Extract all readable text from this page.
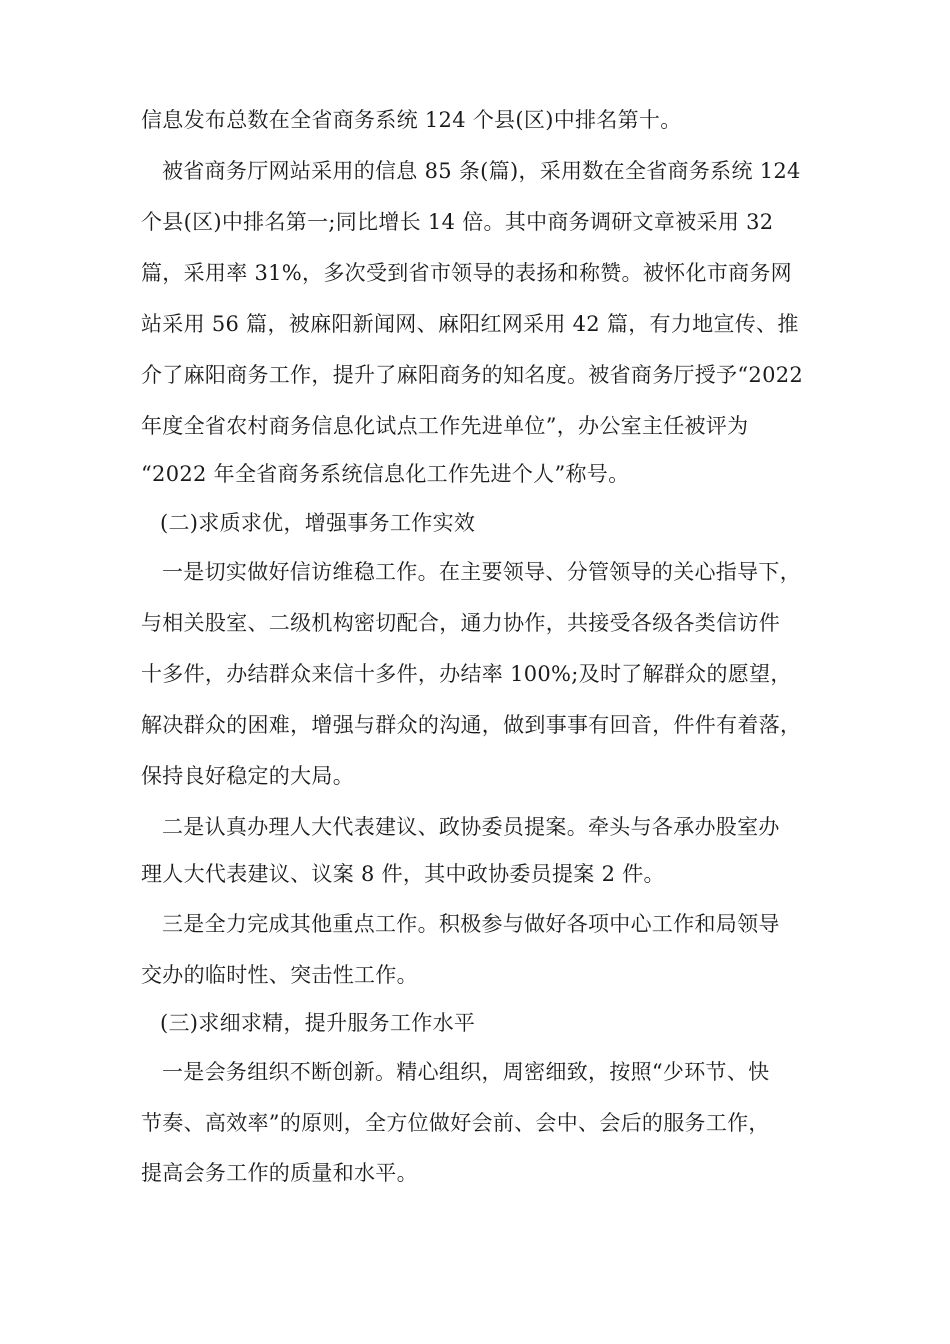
信息发布总数在全省商务系统 124 个县(区)中排名第十。
被省商务厅网站采用的信息 85 条(篇)，采用数在全省商务系统 124
个县(区)中排名第一;同比增长 14 倍。其中商务调研文章被采用 32
篇，采用率 31%，多次受到省市领导的表扬和称赞。被怀化市商务网
站采用 56 篇，被麻阳新闻网、麻阳红网采用 42 篇，有力地宣传、推
介了麻阳商务工作，提升了麻阳商务的知名度。被省商务厅授予“2022
年度全省农村商务信息化试点工作先进单位”，办公室主任被评为
“2022 年全省商务系统信息化工作先进个人”称号。
(二)求质求优，增强事务工作实效
一是切实做好信访维稳工作。在主要领导、分管领导的关心指导下，
与相关股室、二级机构密切配合，通力协作，共接受各级各类信访件
十多件，办结群众来信十多件，办结率 100%;及时了解群众的愿望，
解决群众的困难，增强与群众的沟通，做到事事有回音，件件有着落，
保持良好稳定的大局。
二是认真办理人大代表建议、政协委员提案。牵头与各承办股室办
理人大代表建议、议案 8 件，其中政协委员提案 2 件。
三是全力完成其他重点工作。积极参与做好各项中心工作和局领导
交办的临时性、突击性工作。
(三)求细求精，提升服务工作水平
一是会务组织不断创新。精心组织，周密细致，按照“少环节、快
节奏、高效率”的原则，全方位做好会前、会中、会后的服务工作，
提高会务工作的质量和水平。
